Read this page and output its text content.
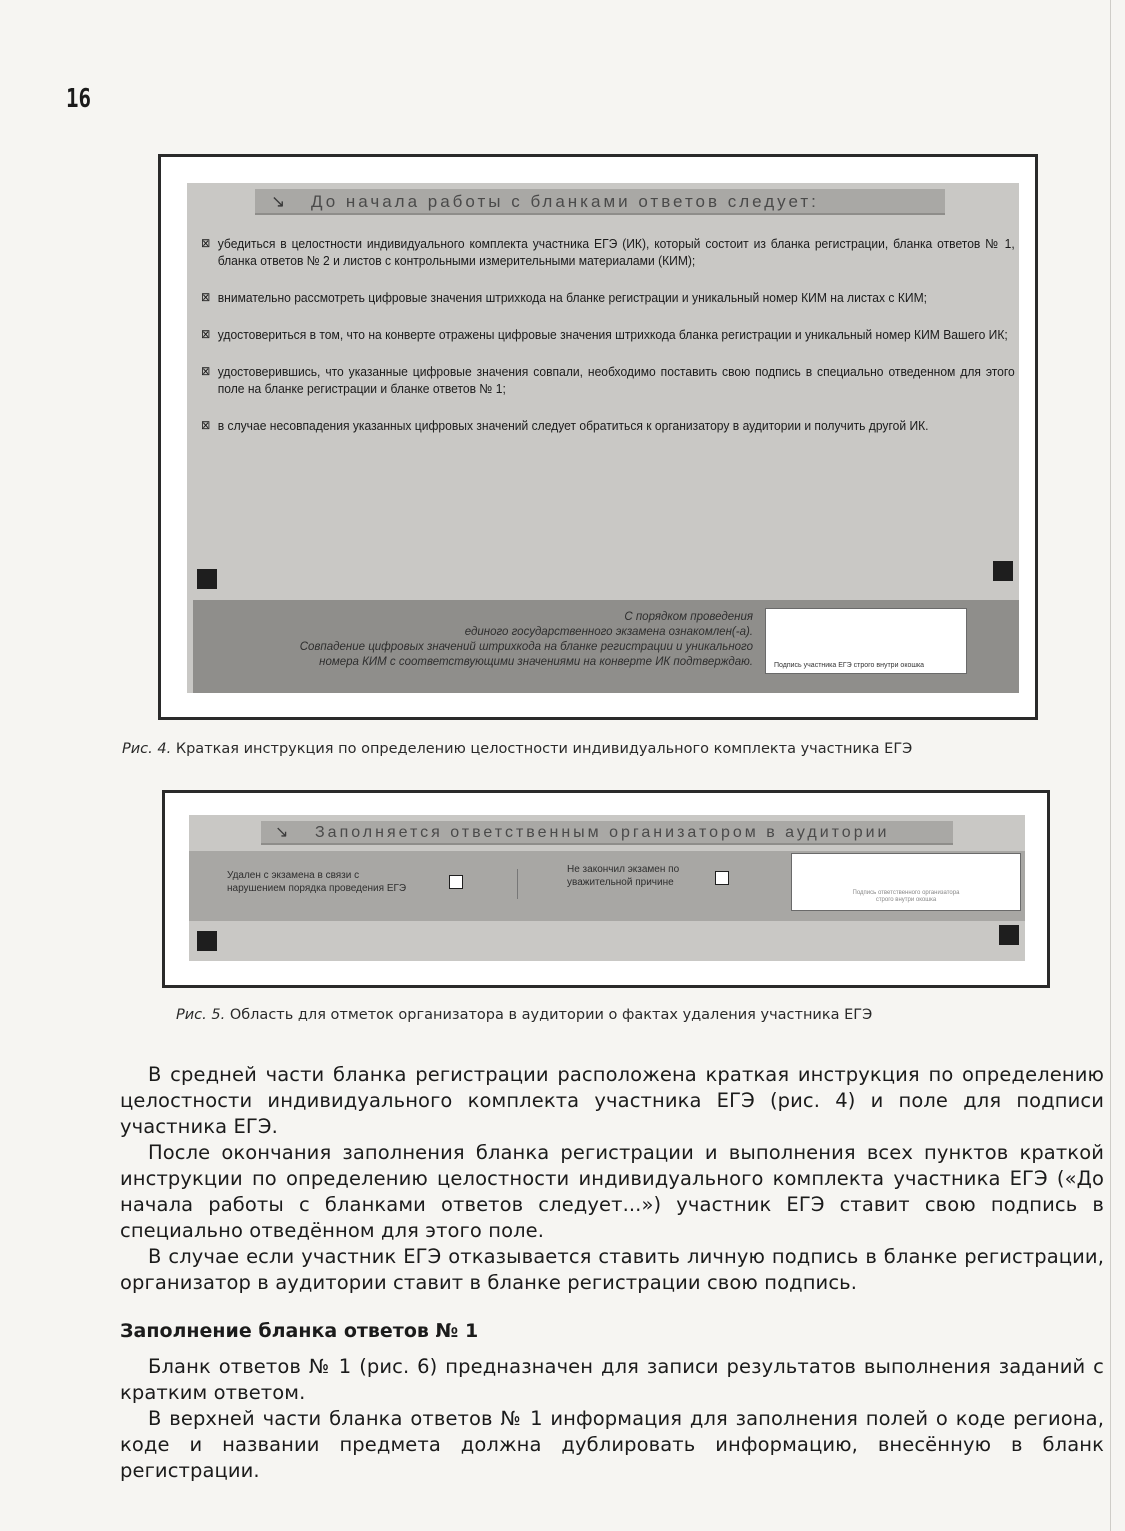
16
↘ До начала работы с бланками ответов следует:
⊠ убедиться в целостности индивидуального комплекта участника ЕГЭ (ИК), который состоит из бланка регистрации, бланка ответов № 1, бланка ответов № 2 и листов с контрольными измерительными материалами (КИМ);
⊠ внимательно рассмотреть цифровые значения штрихкода на бланке регистрации и уникальный номер КИМ на листах с КИМ;
⊠ удостовериться в том, что на конверте отражены цифровые значения штрихкода бланка регистрации и уникальный номер КИМ Вашего ИК;
⊠ удостоверившись, что указанные цифровые значения совпали, необходимо поставить свою подпись в специально отведенном для этого поле на бланке регистрации и бланке ответов № 1;
⊠ в случае несовпадения указанных цифровых значений следует обратиться к организатору в аудитории и получить другой ИК.
С порядком проведения
единого государственного экзамена ознакомлен(-а).
Совпадение цифровых значений штрихкода на бланке регистрации и уникального
номера КИМ с соответствующими значениями на конверте ИК подтверждаю.	Подпись участника ЕГЭ строго внутри окошка
Рис. 4. Краткая инструкция по определению целостности индивидуального комплекта участника ЕГЭ
↘ Заполняется ответственным организатором в аудитории
Удален с экзамена в связи с
нарушением порядка проведения ЕГЭ
Не закончил экзамен по
уважительной причине
Подпись ответственного организатора
строго внутри окошка
Рис. 5. Область для отметок организатора в аудитории о фактах удаления участника ЕГЭ
В средней части бланка регистрации расположена краткая инструкция по определению целостности индивидуального комплекта участника ЕГЭ (рис. 4) и поле для подписи участника ЕГЭ.
После окончания заполнения бланка регистрации и выполнения всех пунктов краткой инструкции по определению целостности индивидуального комплекта участника ЕГЭ («До начала работы с бланками ответов следует...») участник ЕГЭ ставит свою подпись в специально отведённом для этого поле.
В случае если участник ЕГЭ отказывается ставить личную подпись в бланке регистрации, организатор в аудитории ставит в бланке регистрации свою подпись.
Заполнение бланка ответов № 1
Бланк ответов № 1 (рис. 6) предназначен для записи результатов выполнения заданий с кратким ответом.
В верхней части бланка ответов № 1 информация для заполнения полей о коде региона, коде и названии предмета должна дублировать информацию, внесённую в бланк регистрации.
